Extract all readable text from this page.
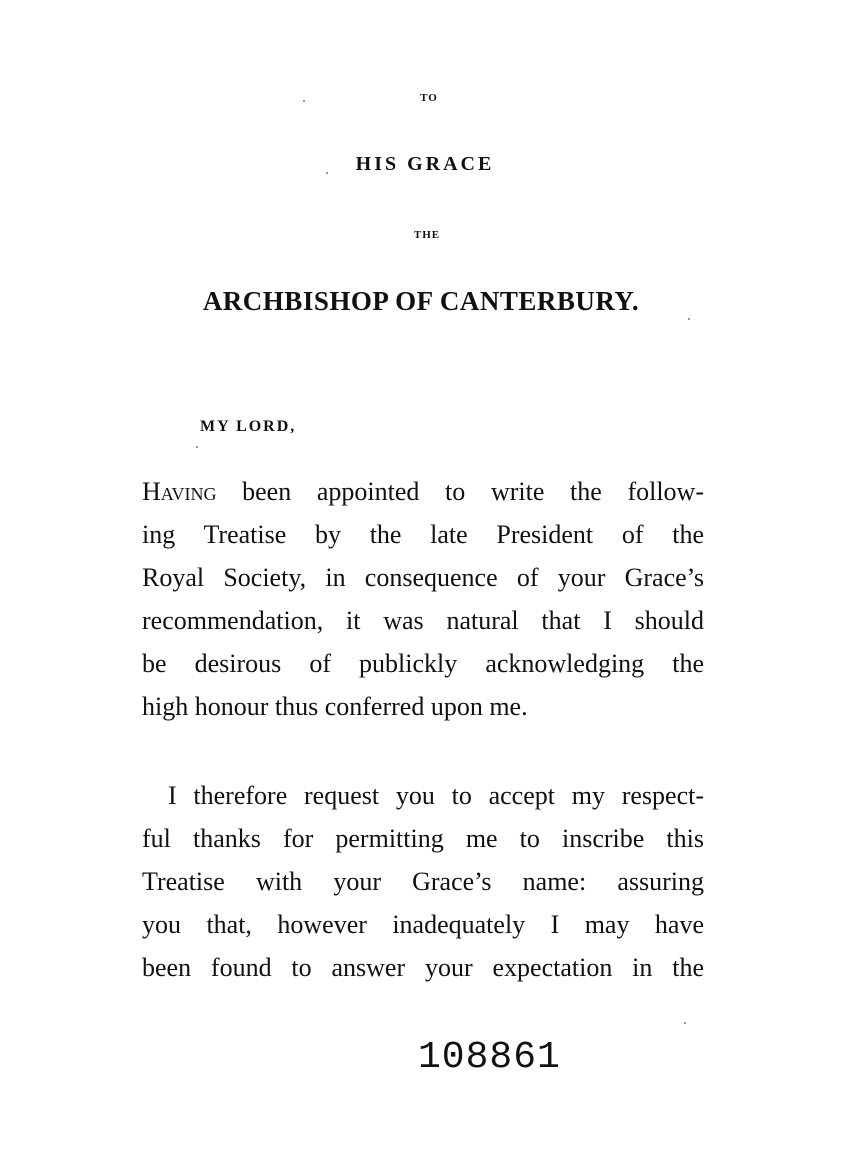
TO
HIS GRACE
THE
ARCHBISHOP OF CANTERBURY.
MY LORD,
Having been appointed to write the follow-
ing Treatise by the late President of the
Royal Society, in consequence of your Grace’s
recommendation, it was natural that I should
be desirous of publickly acknowledging the
high honour thus conferred upon me.
I therefore request you to accept my respect-
ful thanks for permitting me to inscribe this
Treatise with your Grace’s name: assuring
you that, however inadequately I may have
been found to answer your expectation in the
108861
